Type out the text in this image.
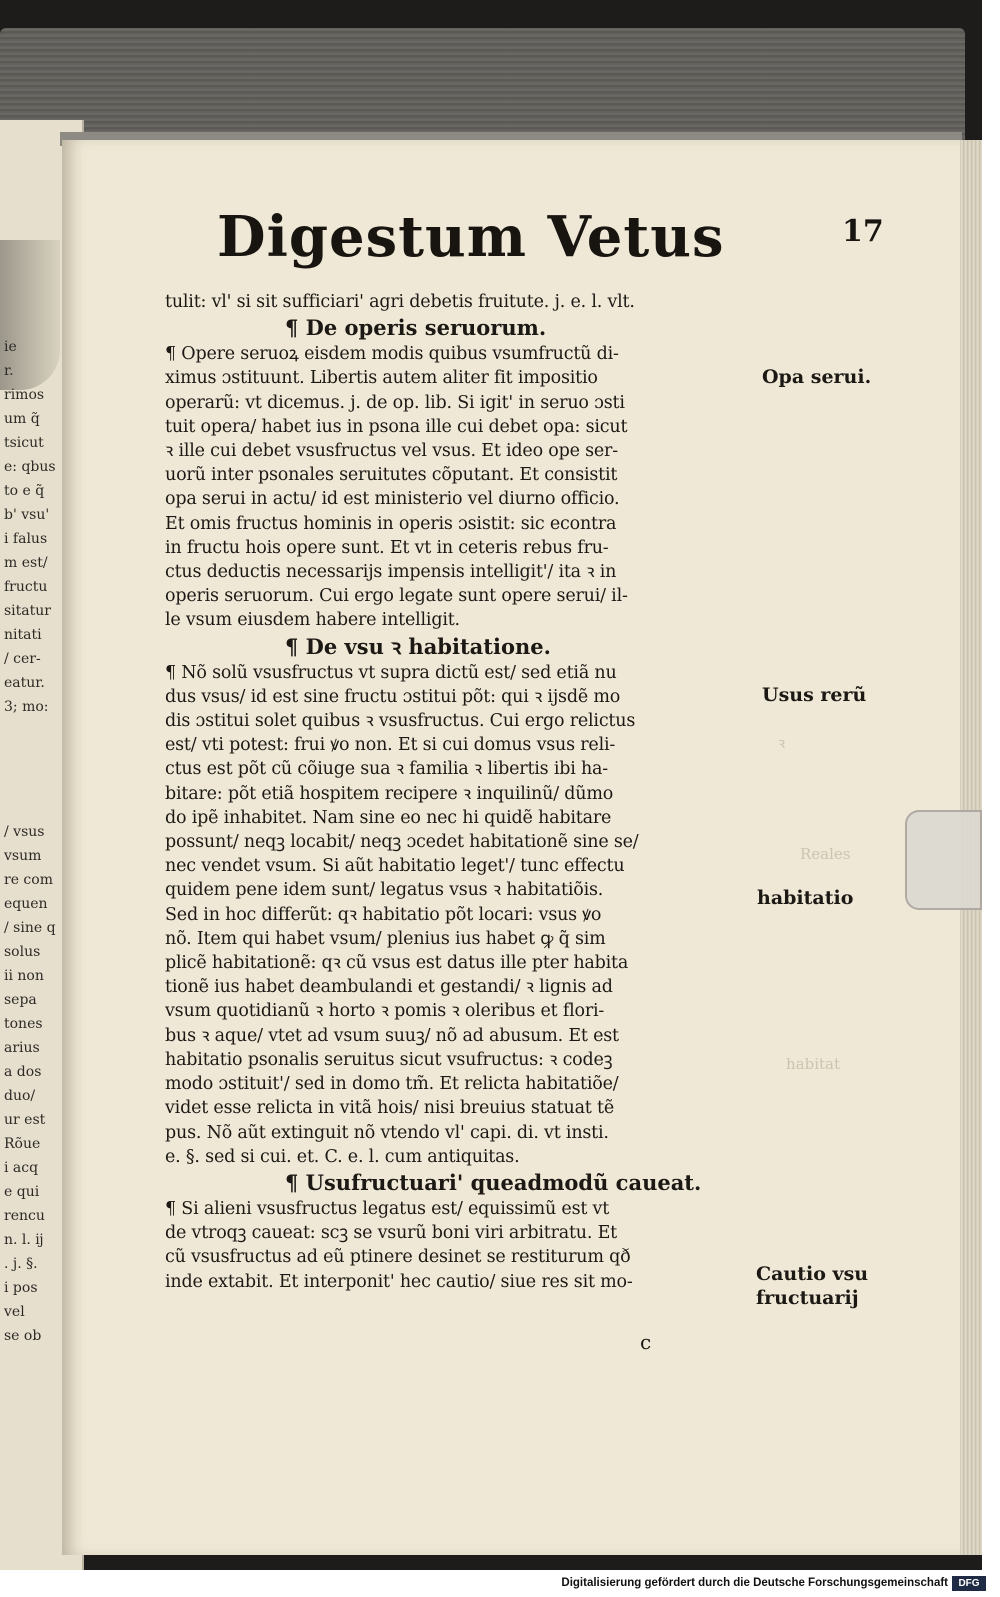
ie
r.
rimos
um q̃
tsicut
e: qbus
to e q̃
b' vsu'
i falus
m est/
fructu
sitatur
nitati
/ cer-
eatur.
3; mo:
/ vsus
vsum
re com
equen
/ sine q
solus
ii non
sepa
tones
arius
a dos
duo/
ur est
Rõue
i acq
e qui
rencu
n. l. ĳ
. j. §.
i pos
vel
se ob
Digestum Vetus	17
tulit: vl' si sit sufficiari' agri debetis fruitute. j. e. l. vlt.
¶ De operis seruorum.
¶ Opere seruoꝝ eisdem modis quibus vsumfructũ di-
ximus ɔstituunt. Libertis autem aliter fit impositio
operarũ: vt dicemus. j. de op. lib. Si igit' in seruo ɔsti
tuit opera/ habet ius in psona ille cui debet opa: sicut
ꝛ ille cui debet vsusfructus vel vsus. Et ideo ope ser-
uorũ inter psonales seruitutes cõputant. Et consistit
opa serui in actu/ id est ministerio vel diurno officio.
Et omis fructus hominis in operis ɔsistit: sic econtra
in fructu hois opere sunt. Et vt in ceteris rebus fru-
ctus deductis necessarijs impensis intelligit'/ ita ꝛ in
operis seruorum. Cui ergo legate sunt opere serui/ il-
le vsum eiusdem habere intelligit.
¶ De vsu ꝛ habitatione.
¶ Nõ solũ vsusfructus vt supra dictũ est/ sed etiã nu
dus vsus/ id est sine fructu ɔstitui põt: qui ꝛ ijsdẽ mo
dis ɔstitui solet quibus ꝛ vsusfructus. Cui ergo relictus
est/ vti potest: frui ꝟo non. Et si cui domus vsus reli-
ctus est põt cũ cõiuge sua ꝛ familia ꝛ libertis ibi ha-
bitare: põt etiã hospitem recipere ꝛ inquilinũ/ dũmo
do ipẽ inhabitet. Nam sine eo nec hi quidẽ habitare
possunt/ neqꝫ locabit/ neqꝫ ɔcedet habitationẽ sine se/
nec vendet vsum. Si aũt habitatio leget'/ tunc effectu
quidem pene idem sunt/ legatus vsus ꝛ habitatiõis.
Sed in hoc differũt: qꝛ habitatio põt locari: vsus ꝟo
nõ. Item qui habet vsum/ plenius ius habet ꝙ q̃ sim
plicẽ habitationẽ: qꝛ cũ vsus est datus ille pter habita
tionẽ ius habet deambulandi et gestandi/ ꝛ lignis ad
vsum quotidianũ ꝛ horto ꝛ pomis ꝛ oleribus et flori-
bus ꝛ aque/ vtet ad vsum suuꝫ/ nõ ad abusum. Et est
habitatio psonalis seruitus sicut vsufructus: ꝛ codeꝫ
modo ɔstituit'/ sed in domo tm̃. Et relicta habitatiõe/
videt esse relicta in vitã hois/ nisi breuius statuat tẽ
pus. Nõ aũt extinguit nõ vtendo vl' capi. di. vt insti.
e. §. sed si cui. et. C. e. l. cum antiquitas.
¶ Usufructuari' queadmodũ caueat.
¶ Si alieni vsusfructus legatus est/ equissimũ est vt
de vtroqꝫ caueat: scꝫ se vsurũ boni viri arbitratu. Et
cũ vsusfructus ad eũ ptinere desinet se restiturum qð
inde extabit. Et interponit' hec cautio/ siue res sit mo-
c
Opa serui.
Usus rerũ
habitatio
Cautio vsu
fructuarij
ꝛ
Reales
habitat
Digitalisierung gefördert durch die Deutsche Forschungsgemeinschaft	DFG
